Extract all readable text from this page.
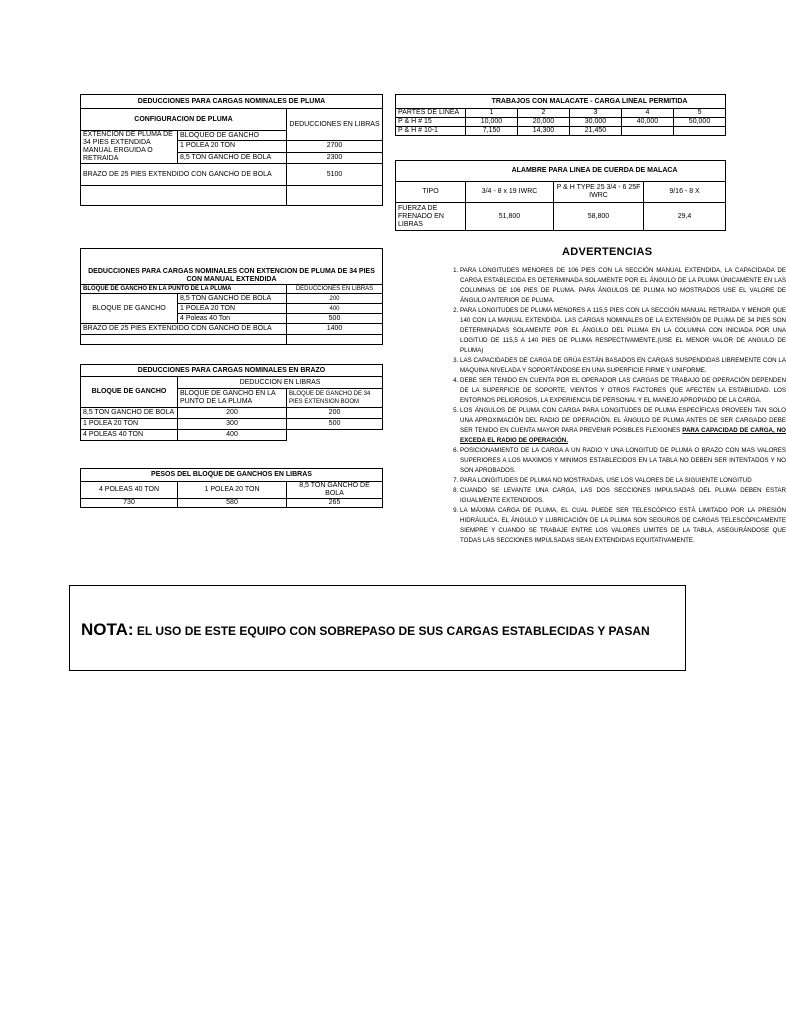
DEDUCCIONES PARA CARGAS NOMINALES DE PLUMA		
CONFIGURACION DE PLUMA		DEDUCCIONES EN LIBRAS
EXTENCION DE PLUMA DE 34 PIES EXTENDIDA MANUAL ERGUIDA O RETRAIDA	BLOQUEO DE GANCHO	
	1 POLEA 20 TON	2700
	8,5 TON GANCHO DE BOLA	2300
BRAZO DE 25 PIES EXTENDIDO CON GANCHO DE BOLA		5100

DEDUCCIONES PARA CARGAS NOMINALES CON EXTENCION DE PLUMA DE 34 PIES CON MANUAL EXTENDIDA		
BLOQUE DE GANCHO EN LA PUNTO DE LA PLUMA		DEDUCCIONES EN LIBRAS
BLOQUE DE GANCHO	8,5 TON GANCHO DE BOLA	200
	1 POLEA 20 TON	400
	4 Poleas 40 Ton	500
BRAZO DE 25 PIES EXTENDIDO CON GANCHO DE BOLA		1400

DEDUCCIONES PARA CARGAS NOMINALES EN BRAZO		
BLOQUE DE GANCHO	DEDUCCION EN LIBRAS	
	BLOQUE DE GANCHO EN LA PUNTO DE LA PLUMA	BLOQUE DE GANCHO DE 34 PIES EXTENSION BOOM
8,5 TON GANCHO DE BOLA	200	200
1 POLEA 20 TON	300	500
4 POLEAS 40 TON	400	
PESOS DEL BLOQUE DE GANCHOS EN LIBRAS		
4 POLEAS 40 TON	1 POLEA 20 TON	8,5 TON GANCHO DE BOLA
730	580	265
TRABAJOS CON MALACATE - CARGA LINEAL PERMITIDA					
PARTES DE LINEA	1	2	3	4	5
P & H # 15	10,000	20,000	30,000	40,000	50,000
P & H # 10-1	7,150	14,300	21,450		
ALAMBRE PARA LINEA DE CUERDA DE MALACA			
TIPO	3/4 - 8 x 19 IWRC	P & H TYPE 25 3/4 - 6 25F IWRC	9/16 - 8 X
FUERZA DE FRENADO EN LIBRAS	51,800	58,800	29,4
ADVERTENCIAS
1. PARA LONGITUDES MENORES DE 106 PIES CON LA SECCIÓN MANUAL EXTENDIDA, LA CAPACIDADA DE CARGA ESTABLECIDA ES DETERMINADA SOLAMENTE POR EL ÁNGULO DE LA PLUMA ÚNICAMENTE EN LAS COLUMNAS DE 106 PIES DE PLUMA. PARA ÁNGULOS DE PLUMA NO MOSTRADOS USE EL VALORE DE ÁNGULO ANTERIOR DE PLUMA.
2. PARA LONGITUDES DE PLUMA MENORES A 115,5 PIES CON LA SECCIÓN MANUAL RETRAIDA Y MENOR QUE 140 CON LA MANUAL EXTENDIDA. LAS CARGAS NOMINALES DE LA EXTENSIÓN DE PLUMA DE 34 PIES SON DETERMINADAS SOLAMENTE POR EL ÁNGULO DEL PLUMA EN LA COLUMNA CON INICIADA POR UNA LOGITUD DE 115,5 A 140 PIES DE PLUMA RESPECTIVAMENTE.(USE EL MENOR VALOR DE ANGULO DE PLUMA)
3. LAS CAPACIDADES DE CARGA DE GRÚA ESTÁN BASADOS EN CARGAS SUSPENDIDAS LIBREMENTE CON LA MAQUINA NIVELADA Y SOPORTÁNDOSE EN UNA SUPERFICIE FIRME Y UNIFORME.
4. DEBE SER TENIDO EN CUENTA POR EL OPERADOR LAS CARGAS DE TRABAJO DE OPERACIÓN DEPENDEN DE LA SUPERFICIE DE SOPORTE, VIENTOS Y OTROS FACTORES QUE AFECTEN LA ESTABILIDAD. LOS ENTORNOS PELIGROSOS, LA EXPERIENCIA DE PERSONAL Y EL MANEJO APROPIADO DE LA CARGA.
5. LOS ÁNGULOS DE PLUMA CON CARGA PARA LONGITUDES DE PLUMA ESPECÍFICAS PROVEEN TAN SOLO UNA APROXIMACIÓN DEL RADIO DE OPERACIÓN. EL ÁNGULO DE PLUMA ANTES DE SER CARGADO DEBE SER TENIDO EN CUENTA MAYOR PARA PREVENIR POSIBLES FLEXIONES PARA CAPACIDAD DE CARGA, NO EXCEDA EL RADIO DE OPERACIÓN.
6. POSICIONAMIENTO DE LA CARGA A UN RADIO Y UNA LONGITUD DE PLUMA O BRAZO CON MAS VALORES SUPERIORES A LOS MAXIMOS Y MINIMOS ESTABLECIDOS EN LA TABLA NO DEBEN SER INTENTADOS Y NO SON APROBADOS.
7. PARA LONGITUDES DE PLUMA NO MOSTRADAS, USE LOS VALORES DE LA SIGUIENTE LONGITUD
8. CUANDO SE LEVANTE UNA CARGA, LAS DOS SECCIONES IMPULSADAS DEL PLUMA DEBEN ESTAR IGUALMENTE EXTENDIDOS.
9. LA MÁXIMA CARGA DE PLUMA, EL CUAL PUEDE SER TELESCÓPICO ESTÁ LIMITADO POR LA PRESIÓN HIDRÁULICA. EL ÁNGULO Y LUBRICACIÓN DE LA PLUMA SON SEGUROS DE CARGAS TELESCÓPICAMENTE SIEMPRE Y CUANDO SE TRABAJE ENTRE LOS VALORES LIMITES DE LA TABLA, ASEGURÁNDOSE QUE TODAS LAS SECCIONES IMPULSADAS SEAN EXTENDIDAS EQUITATIVAMENTE.
NOTA: EL USO DE ESTE EQUIPO CON SOBREPASO DE SUS CARGAS ESTABLECIDAS Y PASAN
